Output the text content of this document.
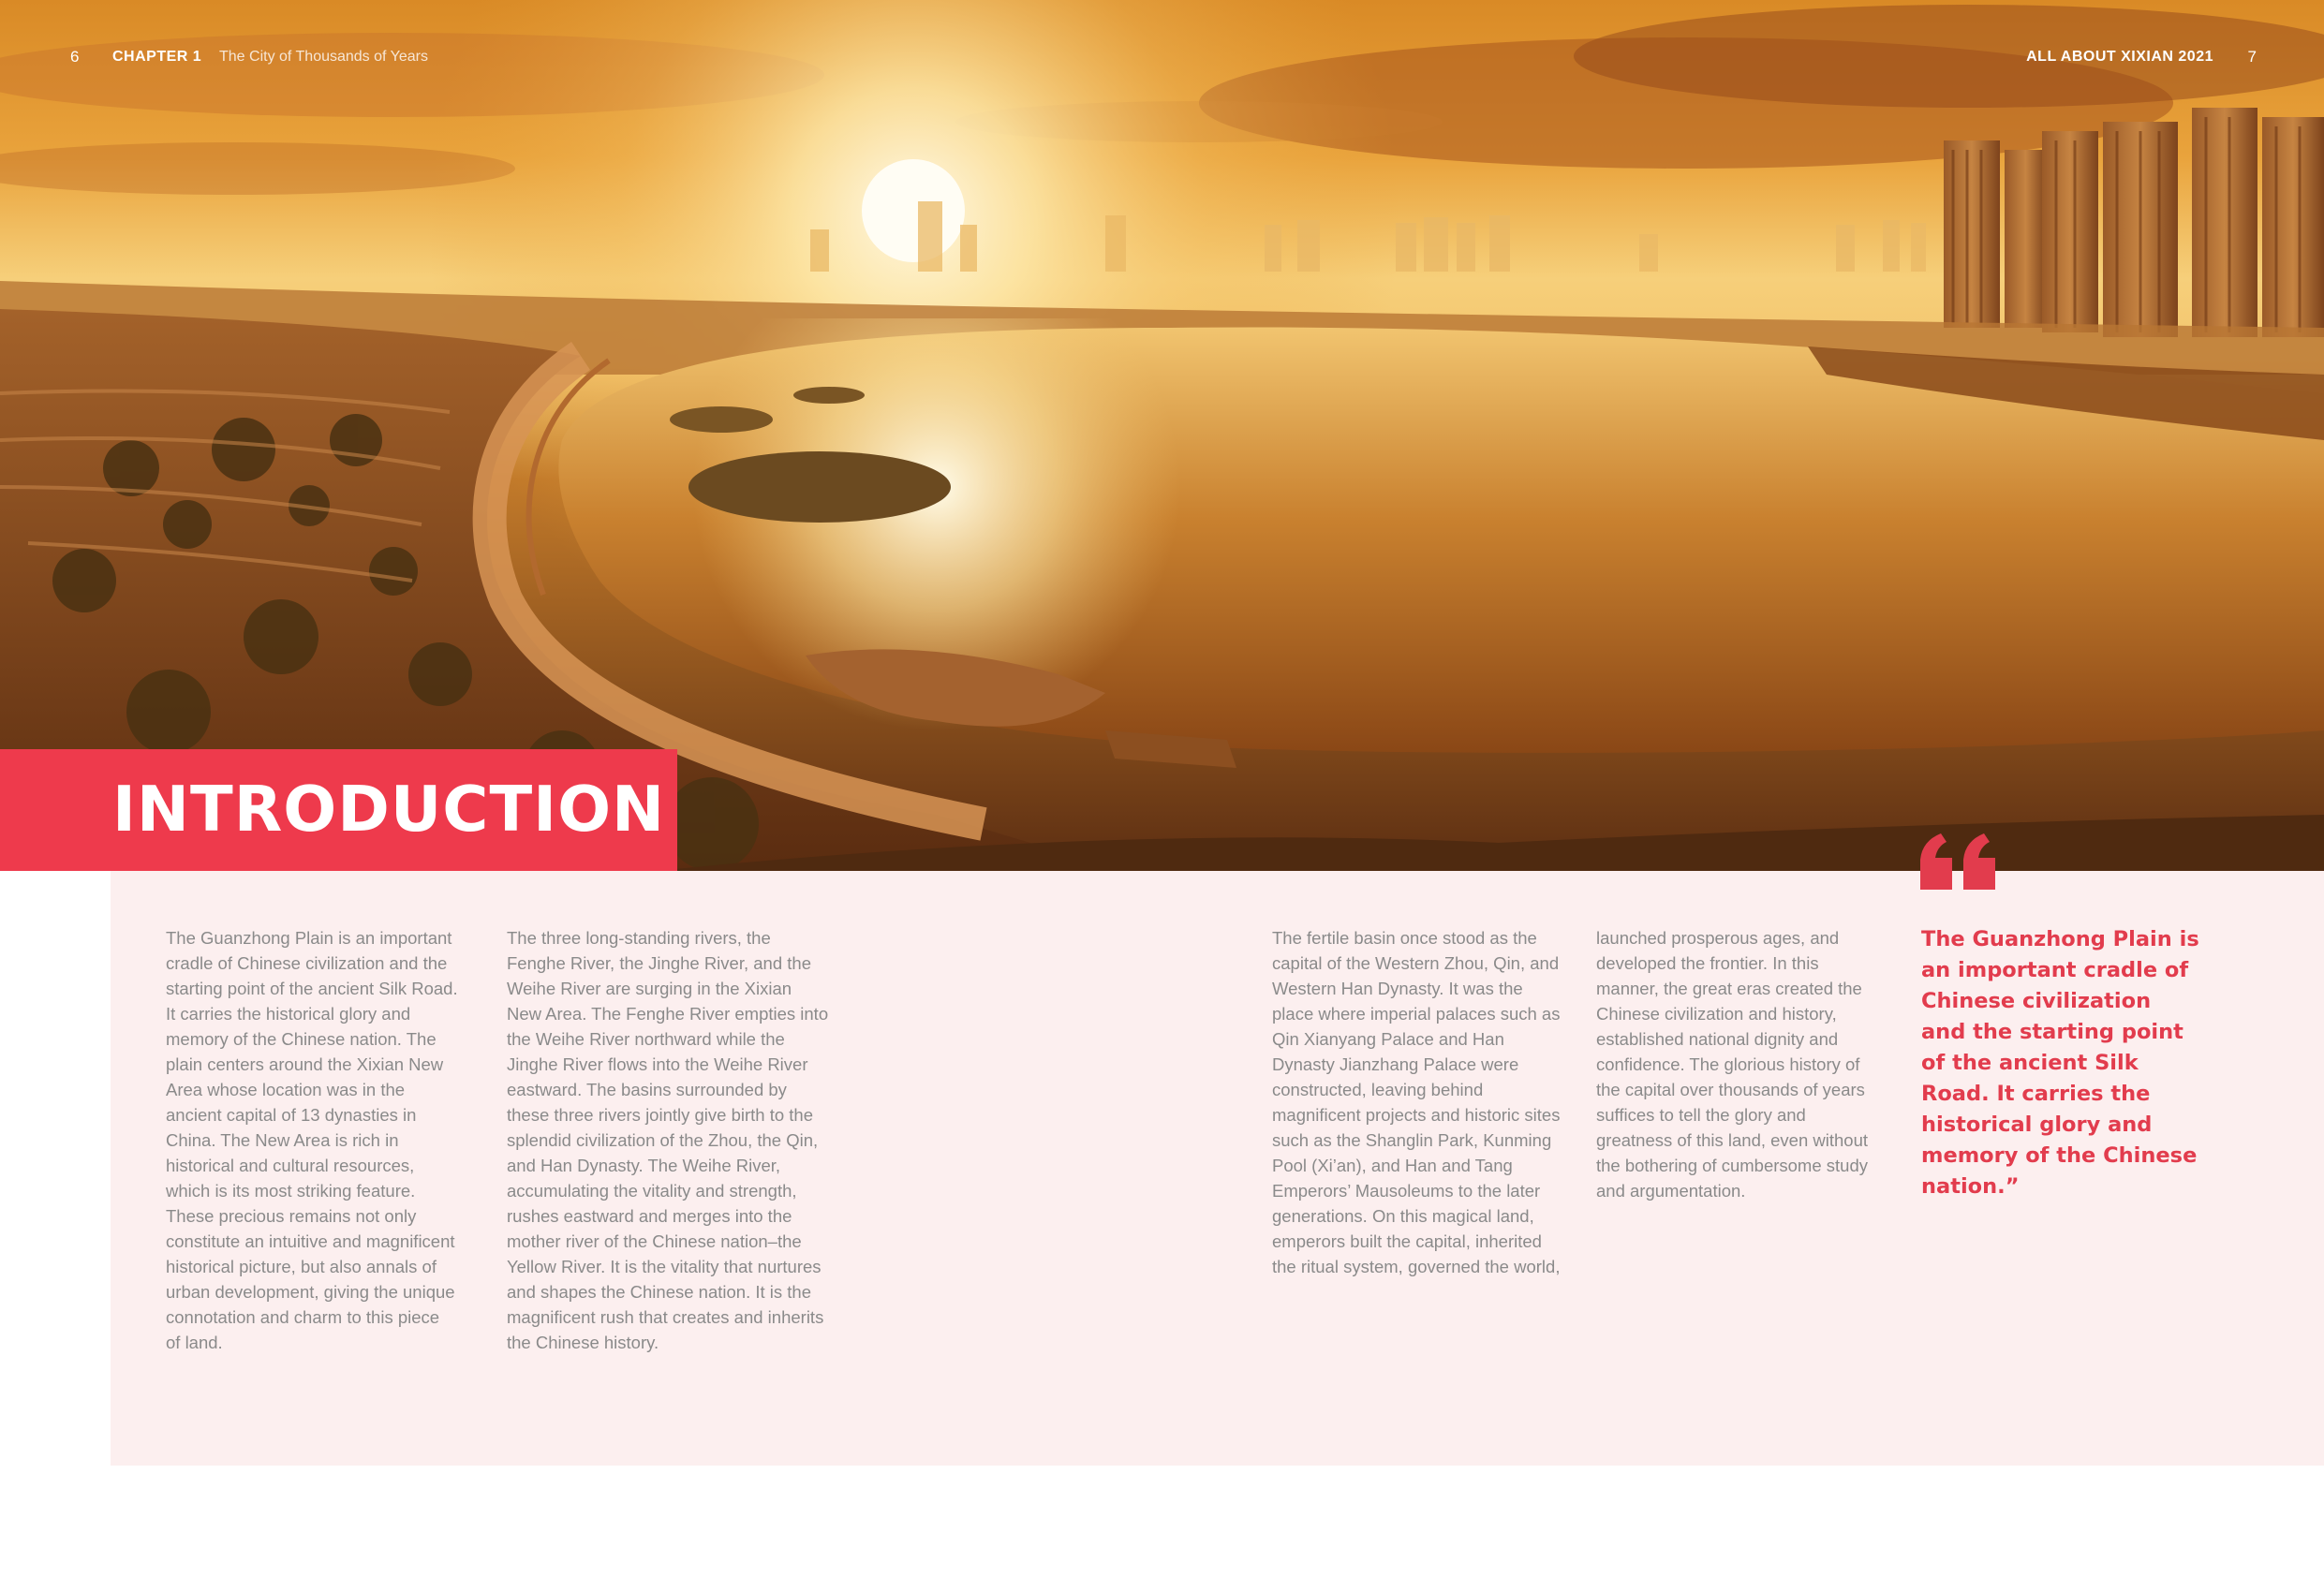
6 CHAPTER 1 The City of Thousands of Years	ALL ABOUT XIXIAN 2021 7
INTRODUCTION

The Guanzhong Plain is an important cradle of Chinese civilization and the starting point of the ancient Silk Road. It carries the historical glory and memory of the Chinese nation. The plain centers around the Xixian New Area whose location was in the ancient capital of 13 dynasties in China. The New Area is rich in historical and cultural resources, which is its most striking feature. These precious remains not only constitute an intuitive and magnificent historical picture, but also annals of urban development, giving the unique connotation and charm to this piece of land.

The three long-standing rivers, the Fenghe River, the Jinghe River, and the Weihe River are surging in the Xixian New Area. The Fenghe River empties into the Weihe River northward while the Jinghe River flows into the Weihe River eastward. The basins surrounded by these three rivers jointly give birth to the splendid civilization of the Zhou, the Qin, and Han Dynasty. The Weihe River, accumulating the vitality and strength, rushes eastward and merges into the mother river of the Chinese nation–the Yellow River. It is the vitality that nurtures and shapes the Chinese nation. It is the magnificent rush that creates and inherits the Chinese history.

The fertile basin once stood as the capital of the Western Zhou, Qin, and Western Han Dynasty. It was the place where imperial palaces such as Qin Xianyang Palace and Han Dynasty Jianzhang Palace were constructed, leaving behind magnificent projects and historic sites such as the Shanglin Park, Kunming Pool (Xi’an), and Han and Tang Emperors’ Mausoleums to the later generations. On this magical land, emperors built the capital, inherited the ritual system, governed the world,

launched prosperous ages, and developed the frontier. In this manner, the great eras created the Chinese civilization and history, established national dignity and confidence. The glorious history of the capital over thousands of years suffices to tell the glory and greatness of this land, even without the bothering of cumbersome study and argumentation.

The Guanzhong Plain is an important cradle of Chinese civilization and the starting point of the ancient Silk Road. It carries the historical glory and memory of the Chinese nation.”
